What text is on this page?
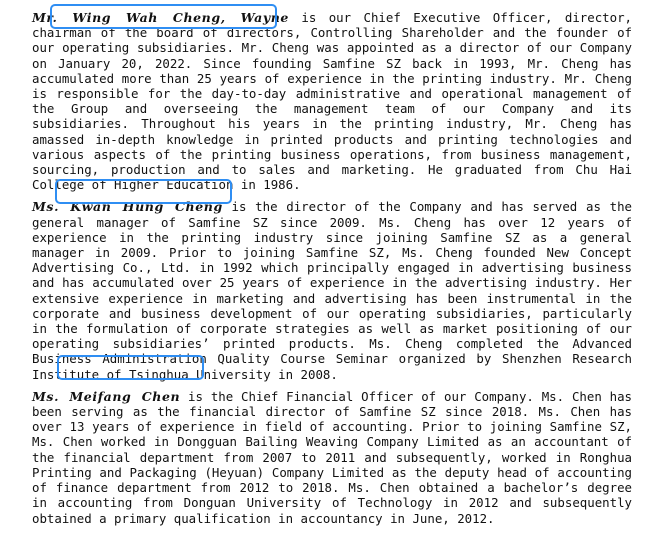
Mr. Wing Wah Cheng, Wayne is our Chief Executive Officer, director, chairman of the board of directors, Controlling Shareholder and the founder of our operating subsidiaries. Mr. Cheng was appointed as a director of our Company on January 20, 2022. Since founding Samfine SZ back in 1993, Mr. Cheng has accumulated more than 25 years of experience in the printing industry. Mr. Cheng is responsible for the day-to-day administrative and operational management of the Group and overseeing the management team of our Company and its subsidiaries. Throughout his years in the printing industry, Mr. Cheng has amassed in-depth knowledge in printed products and printing technologies and various aspects of the printing business operations, from business management, sourcing, production and to sales and marketing. He graduated from Chu Hai College of Higher Education in 1986.

Ms. Kwan Hung Cheng is the director of the Company and has served as the general manager of Samfine SZ since 2009. Ms. Cheng has over 12 years of experience in the printing industry since joining Samfine SZ as a general manager in 2009. Prior to joining Samfine SZ, Ms. Cheng founded New Concept Advertising Co., Ltd. in 1992 which principally engaged in advertising business and has accumulated over 25 years of experience in the advertising industry. Her extensive experience in marketing and advertising has been instrumental in the corporate and business development of our operating subsidiaries, particularly in the formulation of corporate strategies as well as market positioning of our operating subsidiaries’ printed products. Ms. Cheng completed the Advanced Business Administration Quality Course Seminar organized by Shenzhen Research Institute of Tsinghua University in 2008.

Ms. Meifang Chen is the Chief Financial Officer of our Company. Ms. Chen has been serving as the financial director of Samfine SZ since 2018. Ms. Chen has over 13 years of experience in field of accounting. Prior to joining Samfine SZ, Ms. Chen worked in Dongguan Bailing Weaving Company Limited as an accountant of the financial department from 2007 to 2011 and subsequently, worked in Ronghua Printing and Packaging (Heyuan) Company Limited as the deputy head of accounting of finance department from 2012 to 2018. Ms. Chen obtained a bachelor’s degree in accounting from Donguan University of Technology in 2012 and subsequently obtained a primary qualification in accountancy in June, 2012.
